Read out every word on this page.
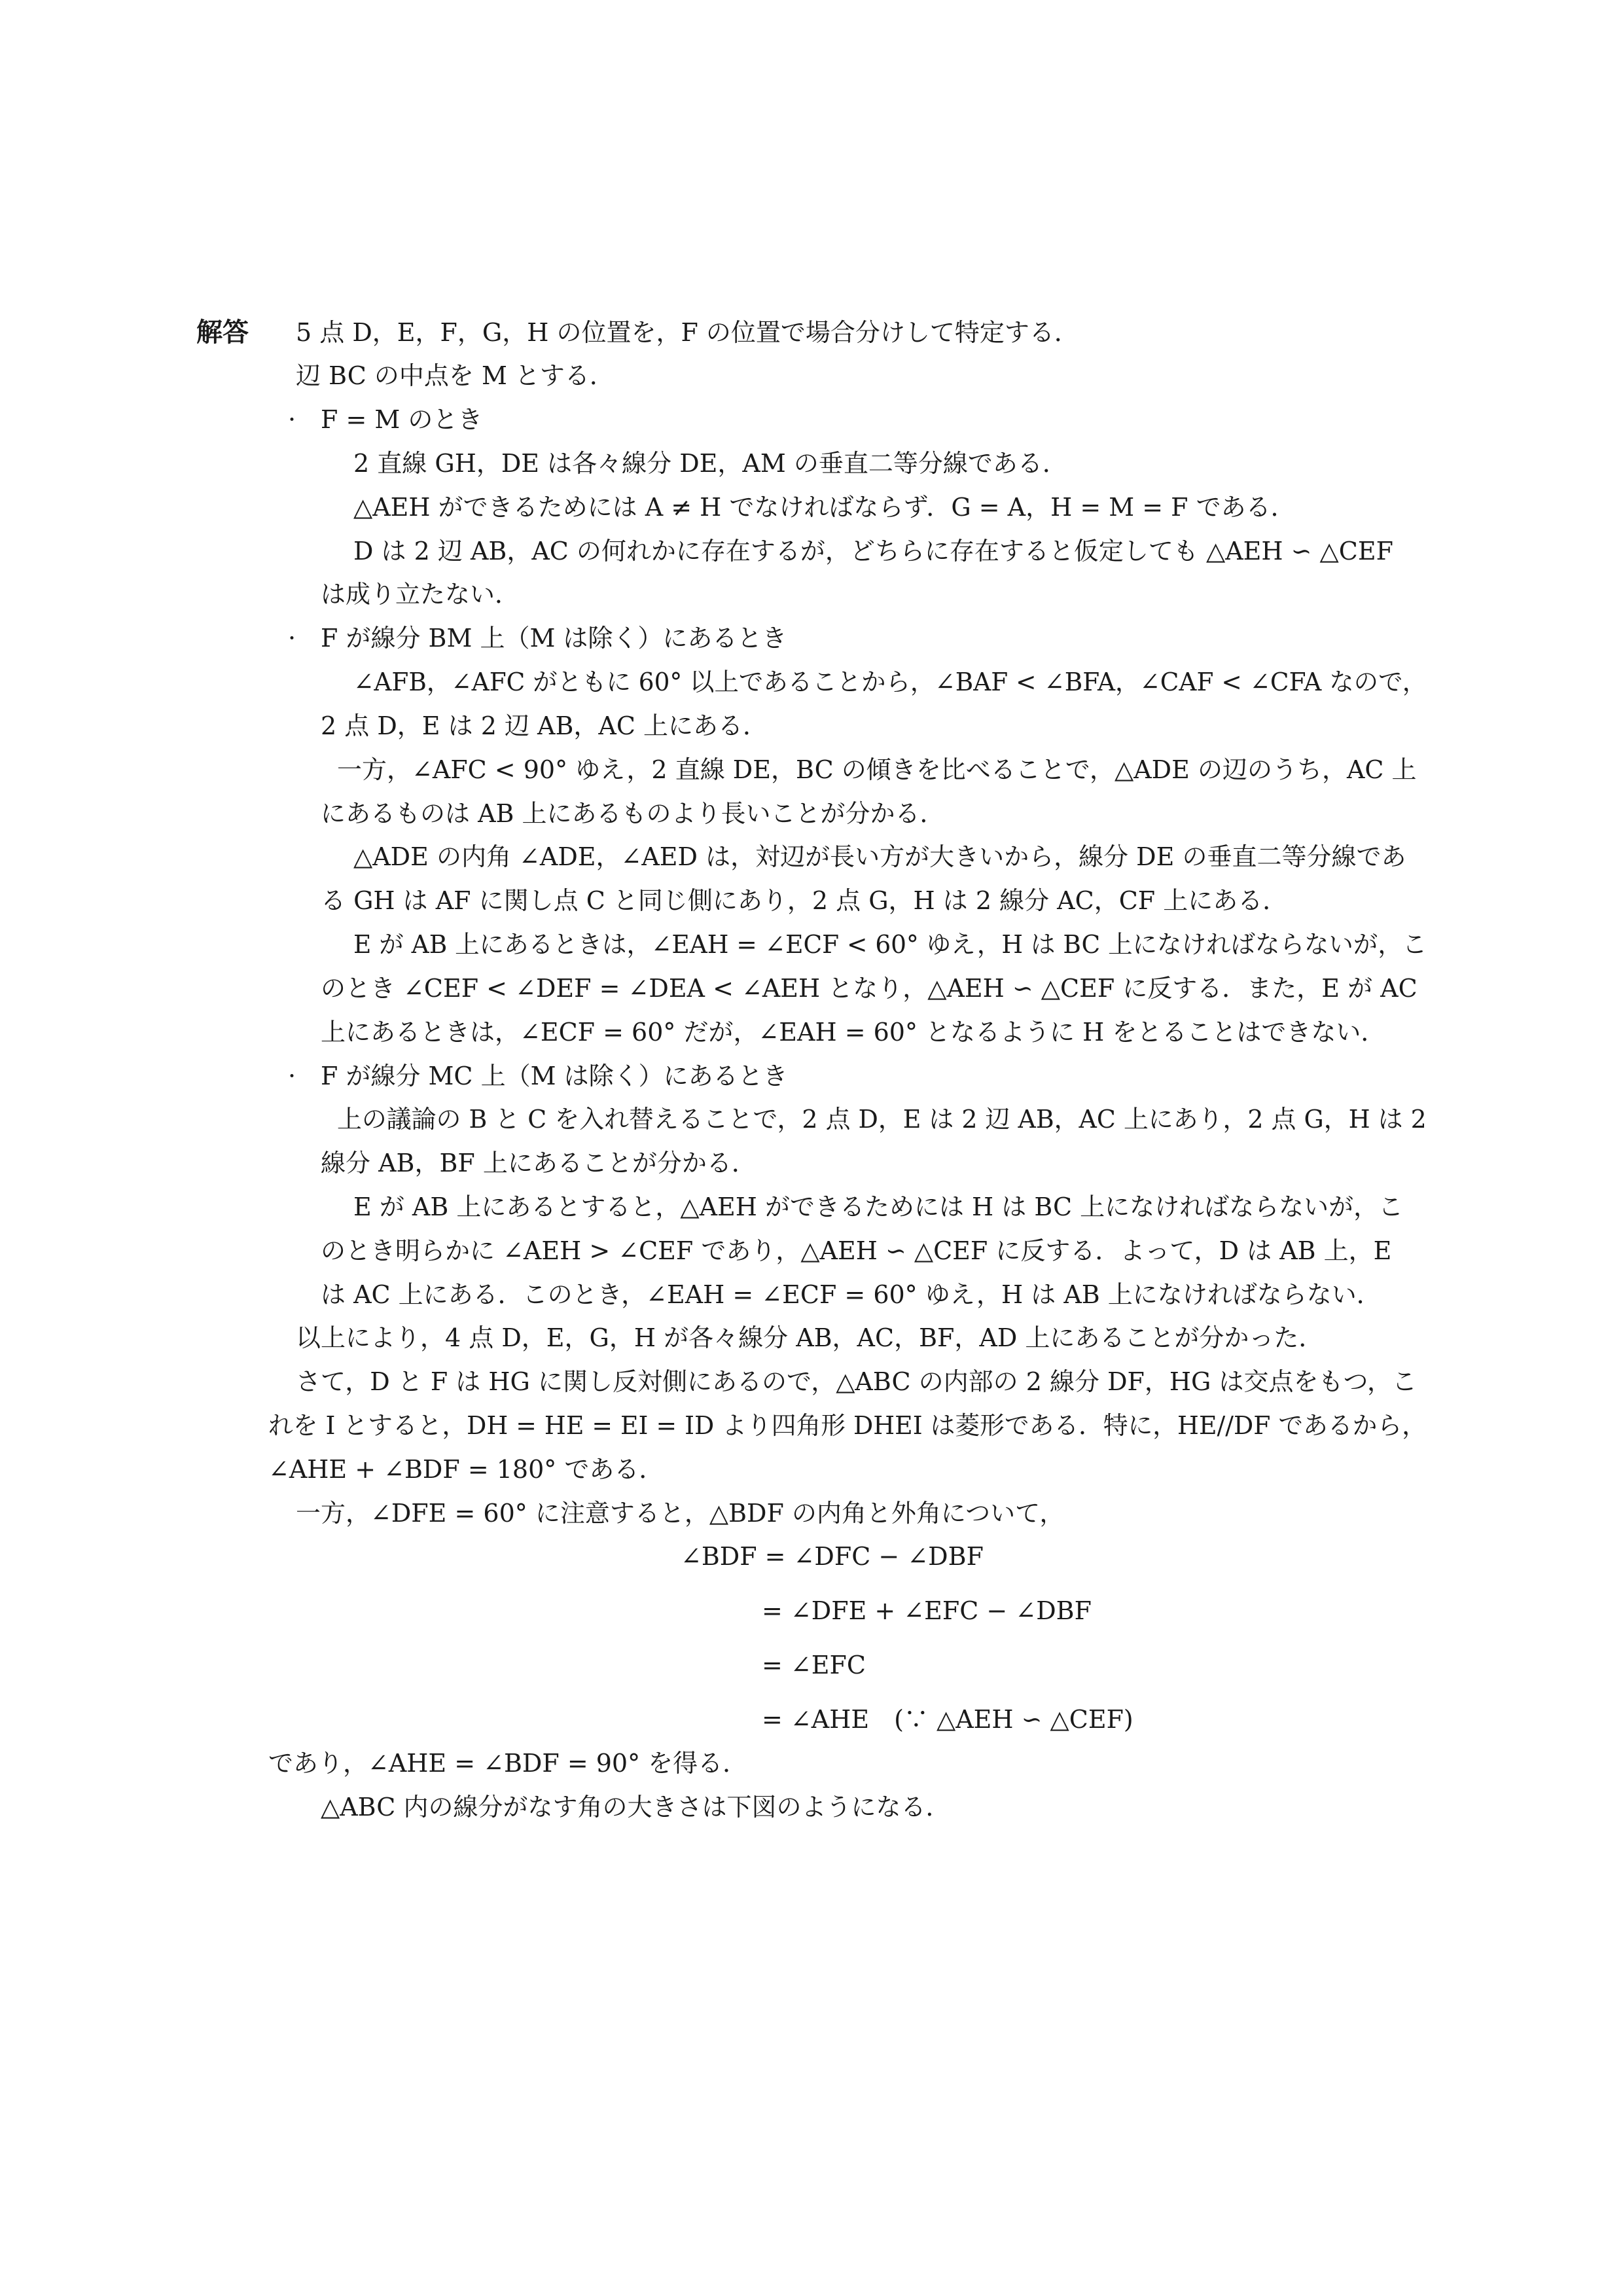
解答 5 点 D，E，F，G，H の位置を，F の位置で場合分けして特定する．
辺 BC の中点を M とする．
· F = M のとき
2 直線 GH，DE は各々線分 DE，AM の垂直二等分線である．
△AEH ができるためには A ≠ H でなければならず．G = A，H = M = F である．
D は 2 辺 AB，AC の何れかに存在するが，どちらに存在すると仮定しても △AEH ∽ △CEF
は成り立たない．
· F が線分 BM 上（M は除く）にあるとき
∠AFB，∠AFC がともに 60° 以上であることから，∠BAF < ∠BFA，∠CAF < ∠CFA なので，
2 点 D，E は 2 辺 AB，AC 上にある．
一方，∠AFC < 90° ゆえ，2 直線 DE，BC の傾きを比べることで，△ADE の辺のうち，AC 上
にあるものは AB 上にあるものより長いことが分かる．
△ADE の内角 ∠ADE，∠AED は，対辺が長い方が大きいから，線分 DE の垂直二等分線であ
る GH は AF に関し点 C と同じ側にあり，2 点 G，H は 2 線分 AC，CF 上にある．
E が AB 上にあるときは，∠EAH = ∠ECF < 60° ゆえ，H は BC 上になければならないが，こ
のとき ∠CEF < ∠DEF = ∠DEA < ∠AEH となり，△AEH ∽ △CEF に反する．また，E が AC
上にあるときは，∠ECF = 60° だが，∠EAH = 60° となるように H をとることはできない．
· F が線分 MC 上（M は除く）にあるとき
上の議論の B と C を入れ替えることで，2 点 D，E は 2 辺 AB，AC 上にあり，2 点 G，H は 2
線分 AB，BF 上にあることが分かる．
E が AB 上にあるとすると，△AEH ができるためには H は BC 上になければならないが，こ
のとき明らかに ∠AEH > ∠CEF であり，△AEH ∽ △CEF に反する．よって，D は AB 上，E
は AC 上にある．このとき，∠EAH = ∠ECF = 60° ゆえ，H は AB 上になければならない．
以上により，4 点 D，E，G，H が各々線分 AB，AC，BF，AD 上にあることが分かった．
さて，D と F は HG に関し反対側にあるので，△ABC の内部の 2 線分 DF，HG は交点をもつ，こ
れを I とすると，DH = HE = EI = ID より四角形 DHEI は菱形である．特に，HE//DF であるから，
∠AHE + ∠BDF = 180° である．
一方，∠DFE = 60° に注意すると，△BDF の内角と外角について，
∠BDF = ∠DFC − ∠DBF
= ∠DFE + ∠EFC − ∠DBF
= ∠EFC
= ∠AHE　(∵ △AEH ∽ △CEF)
であり，∠AHE = ∠BDF = 90° を得る．
△ABC 内の線分がなす角の大きさは下図のようになる．
